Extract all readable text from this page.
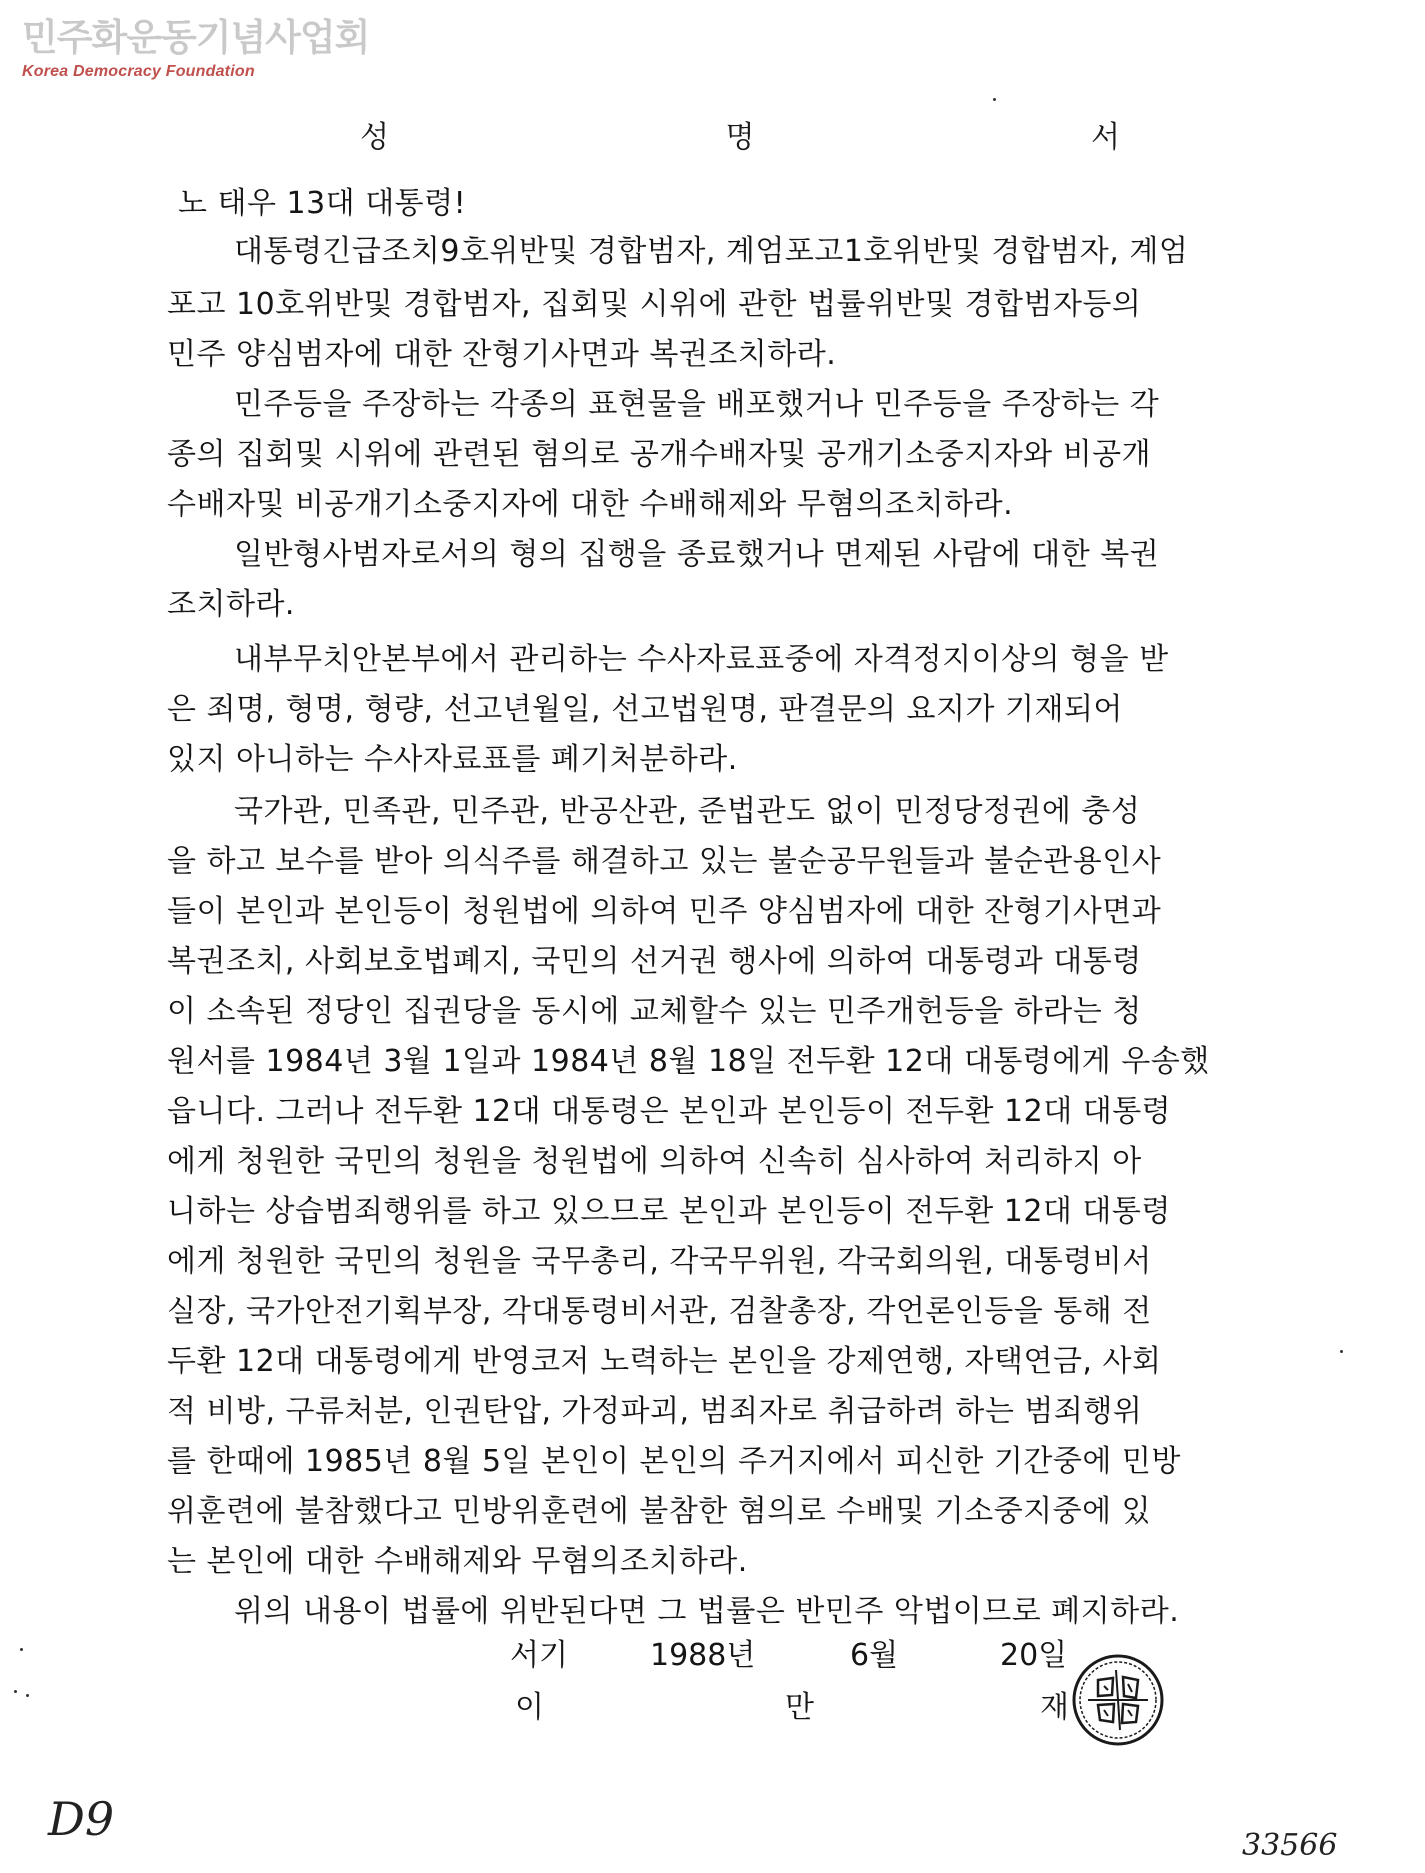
민주화운동기념사업회
Korea Democracy Foundation
성	명	서
노 태우 13대 대통령!
대통령긴급조치9호위반및 경합범자, 계엄포고1호위반및 경합범자, 계엄
포고 10호위반및 경합범자, 집회및 시위에 관한 법률위반및 경합범자등의
민주 양심범자에 대한 잔형기사면과 복권조치하라.
민주등을 주장하는 각종의 표현물을 배포했거나 민주등을 주장하는 각
종의 집회및 시위에 관련된 혐의로 공개수배자및 공개기소중지자와 비공개
수배자및 비공개기소중지자에 대한 수배해제와 무혐의조치하라.
일반형사범자로서의 형의 집행을 종료했거나 면제된 사람에 대한 복권
조치하라.
내부무치안본부에서 관리하는 수사자료표중에 자격정지이상의 형을 받
은 죄명, 형명, 형량, 선고년월일, 선고법원명, 판결문의 요지가 기재되어
있지 아니하는 수사자료표를 폐기처분하라.
국가관, 민족관, 민주관, 반공산관, 준법관도 없이 민정당정권에 충성
을 하고 보수를 받아 의식주를 해결하고 있는 불순공무원들과 불순관용인사
들이 본인과 본인등이 청원법에 의하여 민주 양심범자에 대한 잔형기사면과
복권조치, 사회보호법폐지, 국민의 선거권 행사에 의하여 대통령과 대통령
이 소속된 정당인 집권당을 동시에 교체할수 있는 민주개헌등을 하라는 청
원서를 1984년 3월 1일과 1984년 8월 18일 전두환 12대 대통령에게 우송했
읍니다. 그러나 전두환 12대 대통령은 본인과 본인등이 전두환 12대 대통령
에게 청원한 국민의 청원을 청원법에 의하여 신속히 심사하여 처리하지 아
니하는 상습범죄행위를 하고 있으므로 본인과 본인등이 전두환 12대 대통령
에게 청원한 국민의 청원을 국무총리, 각국무위원, 각국회의원, 대통령비서
실장, 국가안전기획부장, 각대통령비서관, 검찰총장, 각언론인등을 통해 전
두환 12대 대통령에게 반영코저 노력하는 본인을 강제연행, 자택연금, 사회
적 비방, 구류처분, 인권탄압, 가정파괴, 범죄자로 취급하려 하는 범죄행위
를 한때에 1985년 8월 5일 본인이 본인의 주거지에서 피신한 기간중에 민방
위훈련에 불참했다고 민방위훈련에 불참한 혐의로 수배및 기소중지중에 있
는 본인에 대한 수배해제와 무혐의조치하라.
위의 내용이 법률에 위반된다면 그 법률은 반민주 악법이므로 폐지하라.
서기	1988년	6월	20일
이	만	재
D9	33566
